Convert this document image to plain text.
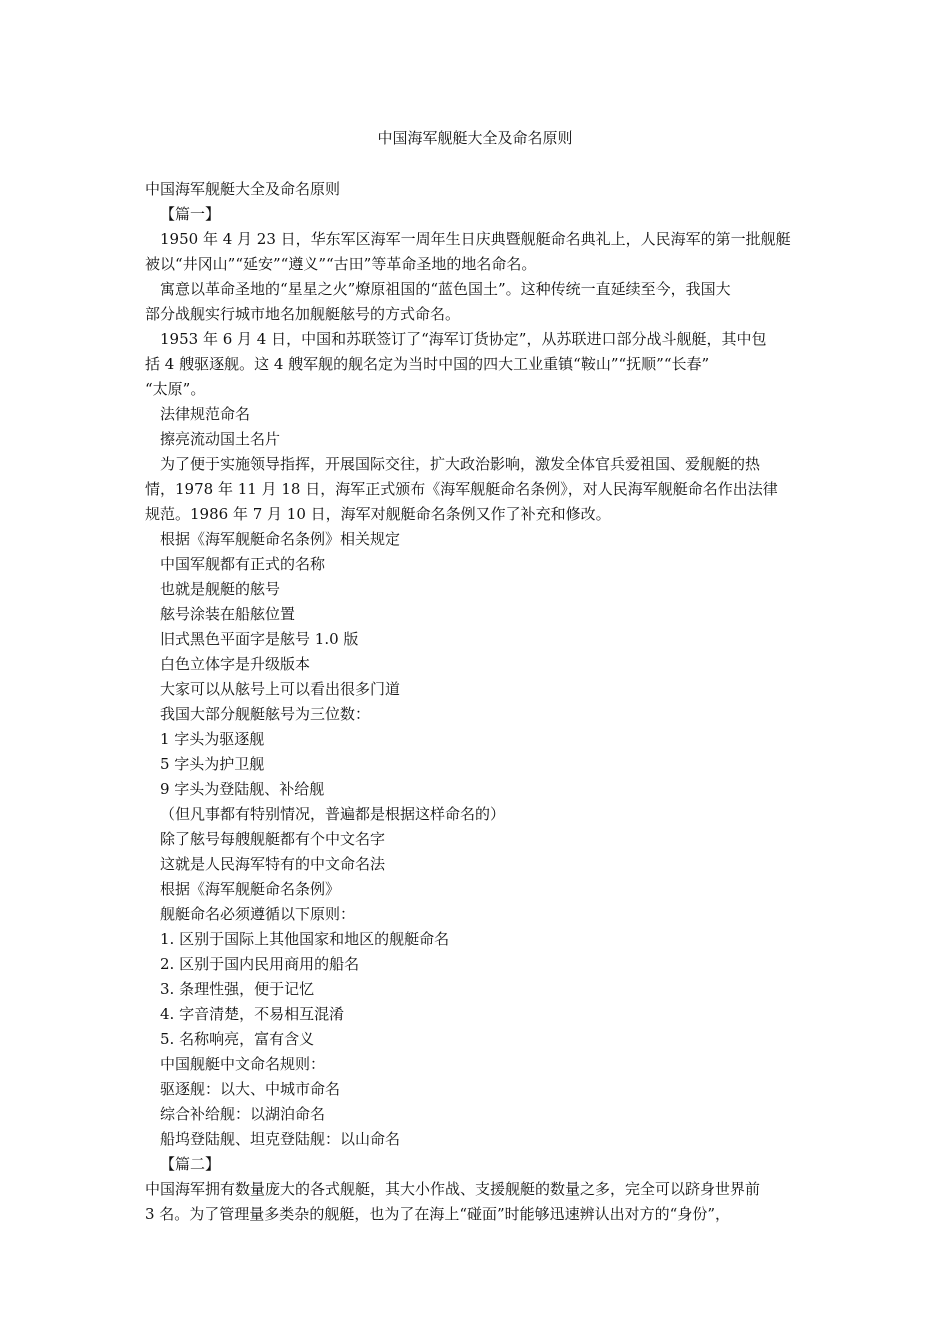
中国海军舰艇大全及命名原则

中国海军舰艇大全及命名原则

【篇一】

1950 年 4 月 23 日，华东军区海军一周年生日庆典暨舰艇命名典礼上，人民海军的第一批舰艇

被以“井冈山”“延安”“遵义”“古田”等革命圣地的地名命名。

寓意以革命圣地的“星星之火”燎原祖国的“蓝色国土”。这种传统一直延续至今，我国大

部分战舰实行城市地名加舰艇舷号的方式命名。

1953 年 6 月 4 日，中国和苏联签订了“海军订货协定”，从苏联进口部分战斗舰艇，其中包

括 4 艘驱逐舰。这 4 艘军舰的舰名定为当时中国的四大工业重镇“鞍山”“抚顺”“长春”

“太原”。

法律规范命名

擦亮流动国土名片

为了便于实施领导指挥，开展国际交往，扩大政治影响，激发全体官兵爱祖国、爱舰艇的热

情，1978 年 11 月 18 日，海军正式颁布《海军舰艇命名条例》，对人民海军舰艇命名作出法律

规范。1986 年 7 月 10 日，海军对舰艇命名条例又作了补充和修改。

根据《海军舰艇命名条例》相关规定

中国军舰都有正式的名称

也就是舰艇的舷号

舷号涂装在船舷位置

旧式黑色平面字是舷号 1.0 版

白色立体字是升级版本

大家可以从舷号上可以看出很多门道

我国大部分舰艇舷号为三位数：

1 字头为驱逐舰

5 字头为护卫舰

9 字头为登陆舰、补给舰

（但凡事都有特别情况，普遍都是根据这样命名的）

除了舷号每艘舰艇都有个中文名字

这就是人民海军特有的中文命名法

根据《海军舰艇命名条例》

舰艇命名必须遵循以下原则：

1. 区别于国际上其他国家和地区的舰艇命名

2. 区别于国内民用商用的船名

3. 条理性强，便于记忆

4. 字音清楚，不易相互混淆

5. 名称响亮，富有含义

中国舰艇中文命名规则：

驱逐舰：以大、中城市命名

综合补给舰：以湖泊命名

船坞登陆舰、坦克登陆舰：以山命名

【篇二】

中国海军拥有数量庞大的各式舰艇，其大小作战、支援舰艇的数量之多，完全可以跻身世界前

3 名。为了管理量多类杂的舰艇，也为了在海上“碰面”时能够迅速辨认出对方的“身份”，
